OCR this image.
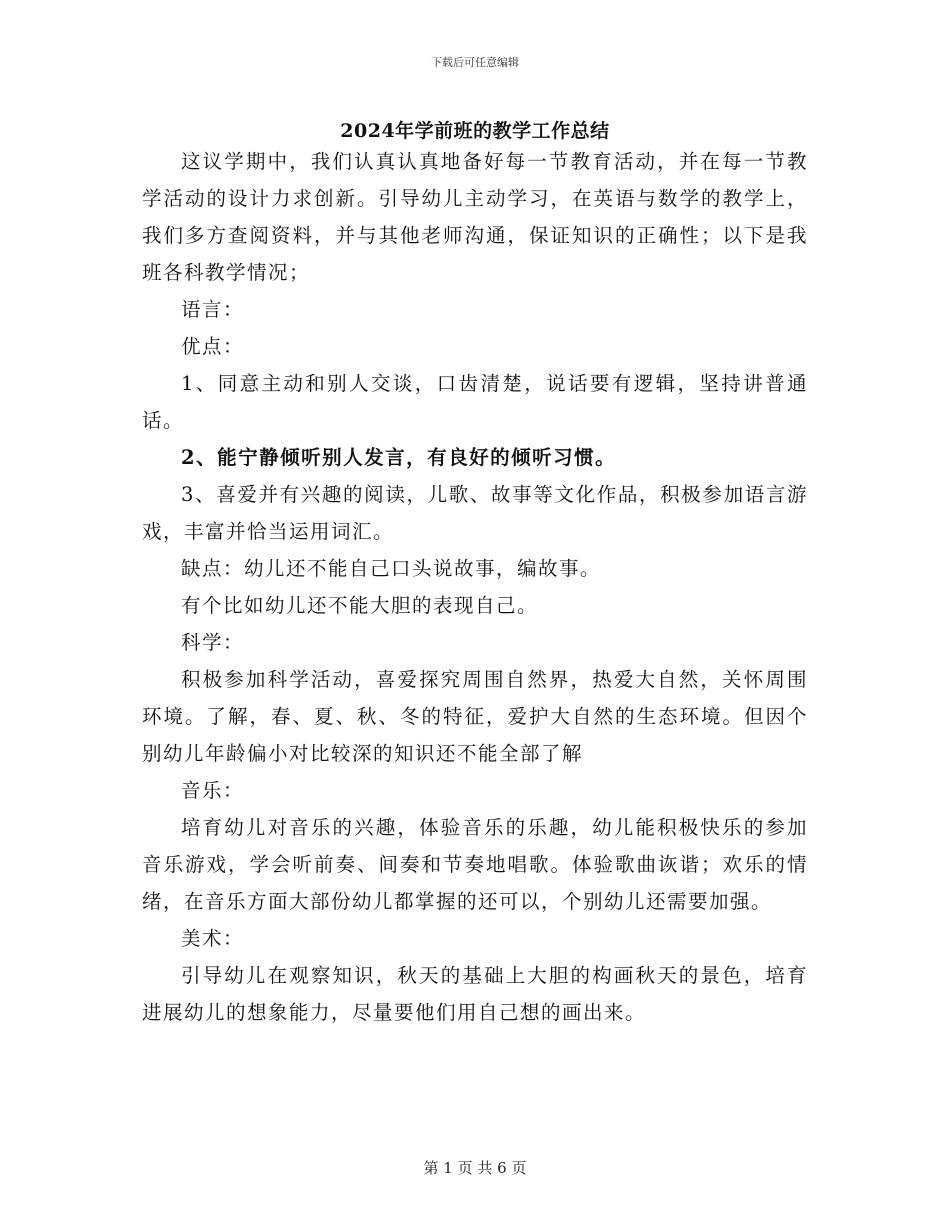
下载后可任意编辑
2024年学前班的教学工作总结

这议学期中，我们认真认真地备好每一节教育活动，并在每一节教学活动的设计力求创新。引导幼儿主动学习，在英语与数学的教学上，我们多方查阅资料，并与其他老师沟通，保证知识的正确性；以下是我班各科教学情况；

语言：

优点：

1、同意主动和别人交谈，口齿清楚，说话要有逻辑，坚持讲普通话。

2、能宁静倾听别人发言，有良好的倾听习惯。

3、喜爱并有兴趣的阅读，儿歌、故事等文化作品，积极参加语言游戏，丰富并恰当运用词汇。

缺点：幼儿还不能自己口头说故事，编故事。

有个比如幼儿还不能大胆的表现自己。

科学：

积极参加科学活动，喜爱探究周围自然界，热爱大自然，关怀周围环境。了解，春、夏、秋、冬的特征，爱护大自然的生态环境。但因个别幼儿年龄偏小对比较深的知识还不能全部了解

音乐：

培育幼儿对音乐的兴趣，体验音乐的乐趣，幼儿能积极快乐的参加音乐游戏，学会听前奏、间奏和节奏地唱歌。体验歌曲诙谐；欢乐的情绪，在音乐方面大部份幼儿都掌握的还可以，个别幼儿还需要加强。

美术：

引导幼儿在观察知识，秋天的基础上大胆的构画秋天的景色，培育进展幼儿的想象能力，尽量要他们用自己想的画出来。

第 1 页 共 6 页
